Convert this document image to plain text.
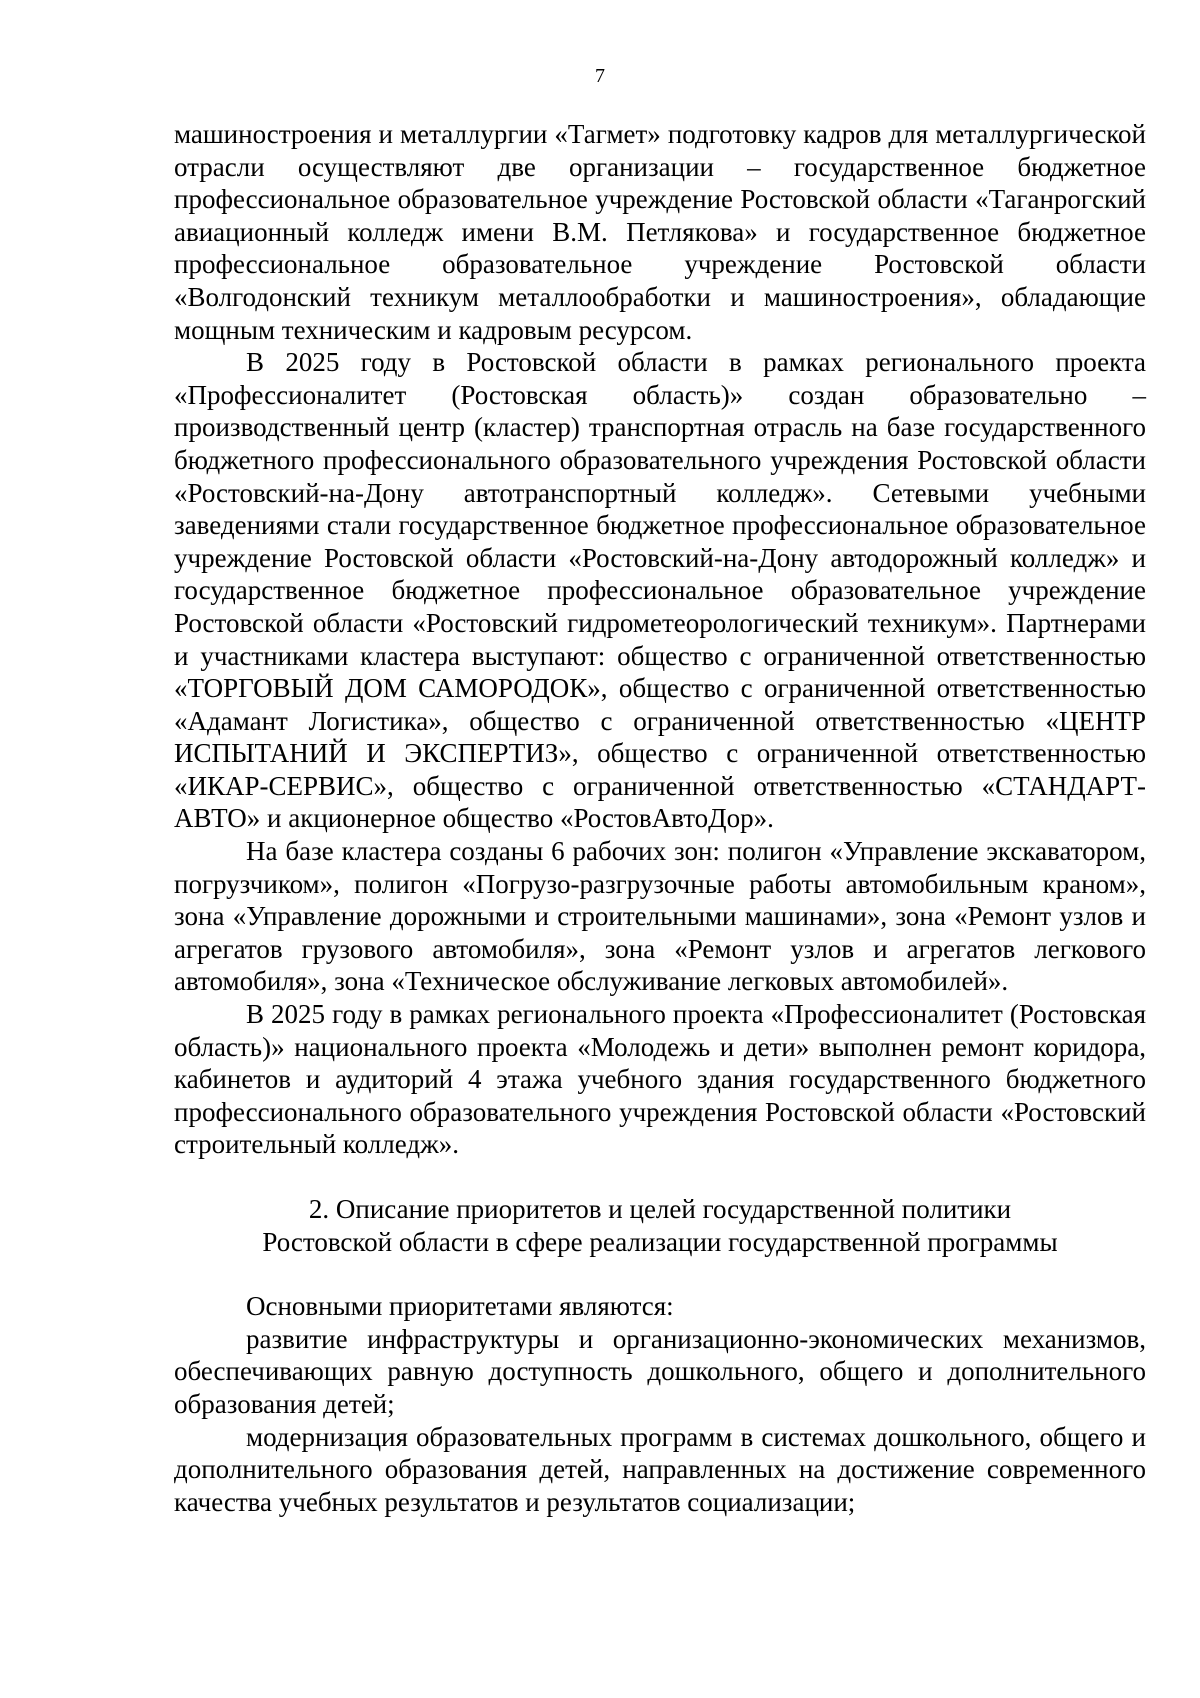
7

машиностроения и металлургии «Тагмет» подготовку кадров для металлургической отрасли осуществляют две организации – государственное бюджетное профессиональное образовательное учреждение Ростовской области «Таганрогский авиационный колледж имени В.М. Петлякова» и государственное бюджетное профессиональное образовательное учреждение Ростовской области «Волгодонский техникум металлообработки и машиностроения», обладающие мощным техническим и кадровым ресурсом.

В 2025 году в Ростовской области в рамках регионального проекта «Профессионалитет (Ростовская область)» создан образовательно – производственный центр (кластер) транспортная отрасль на базе государственного бюджетного профессионального образовательного учреждения Ростовской области «Ростовский-на-Дону автотранспортный колледж». Сетевыми учебными заведениями стали государственное бюджетное профессиональное образовательное учреждение Ростовской области «Ростовский-на-Дону автодорожный колледж» и государственное бюджетное профессиональное образовательное учреждение Ростовской области «Ростовский гидрометеорологический техникум». Партнерами и участниками кластера выступают: общество с ограниченной ответственностью «ТОРГОВЫЙ ДОМ САМОРОДОК», общество с ограниченной ответственностью «Адамант Логистика», общество с ограниченной ответственностью «ЦЕНТР ИСПЫТАНИЙ И ЭКСПЕРТИЗ», общество с ограниченной ответственностью «ИКАР-СЕРВИС», общество с ограниченной ответственностью «СТАНДАРТ-АВТО» и акционерное общество «РостовАвтоДор».

На базе кластера созданы 6 рабочих зон: полигон «Управление экскаватором, погрузчиком», полигон «Погрузо-разгрузочные работы автомобильным краном», зона «Управление дорожными и строительными машинами», зона «Ремонт узлов и агрегатов грузового автомобиля», зона «Ремонт узлов и агрегатов легкового автомобиля», зона «Техническое обслуживание легковых автомобилей».

В 2025 году в рамках регионального проекта «Профессионалитет (Ростовская область)» национального проекта «Молодежь и дети» выполнен ремонт коридора, кабинетов и аудиторий 4 этажа учебного здания государственного бюджетного профессионального образовательного учреждения Ростовской области «Ростовский строительный колледж».

2. Описание приоритетов и целей государственной политики
Ростовской области в сфере реализации государственной программы

Основными приоритетами являются:

развитие инфраструктуры и организационно-экономических механизмов, обеспечивающих равную доступность дошкольного, общего и дополнительного образования детей;

модернизация образовательных программ в системах дошкольного, общего и дополнительного образования детей, направленных на достижение современного качества учебных результатов и результатов социализации;
